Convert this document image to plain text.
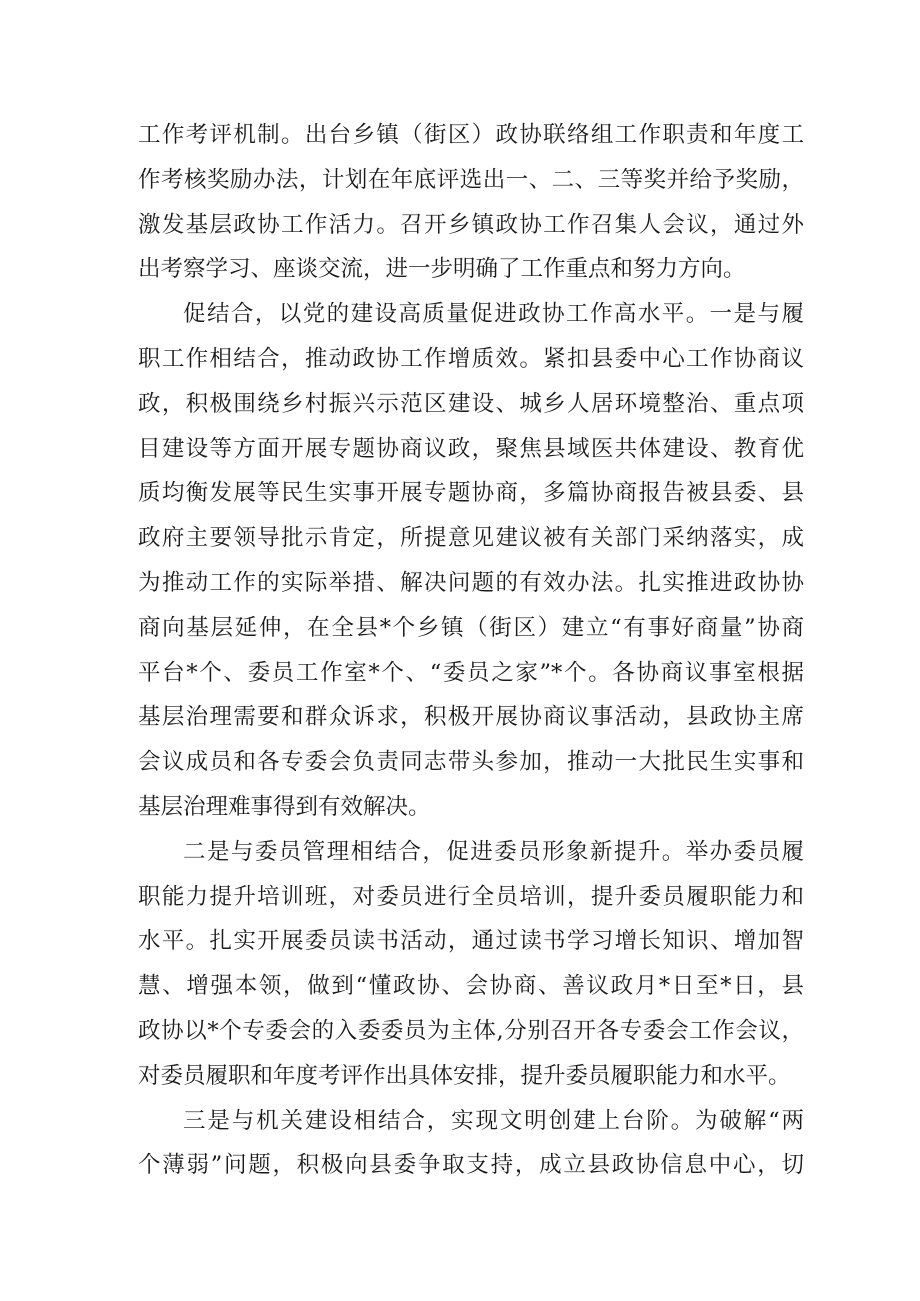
工作考评机制。出台乡镇（街区）政协联络组工作职责和年度工
作考核奖励办法，计划在年底评选出一、二、三等奖并给予奖励，
激发基层政协工作活力。召开乡镇政协工作召集人会议，通过外
出考察学习、座谈交流，进一步明确了工作重点和努力方向。
促结合，以党的建设高质量促进政协工作高水平。一是与履
职工作相结合，推动政协工作增质效。紧扣县委中心工作协商议
政，积极围绕乡村振兴示范区建设、城乡人居环境整治、重点项
目建设等方面开展专题协商议政，聚焦县域医共体建设、教育优
质均衡发展等民生实事开展专题协商，多篇协商报告被县委、县
政府主要领导批示肯定，所提意见建议被有关部门采纳落实，成
为推动工作的实际举措、解决问题的有效办法。扎实推进政协协
商向基层延伸，在全县*个乡镇（街区）建立“有事好商量”协商
平台*个、委员工作室*个、“委员之家”*个。各协商议事室根据
基层治理需要和群众诉求，积极开展协商议事活动，县政协主席
会议成员和各专委会负责同志带头参加，推动一大批民生实事和
基层治理难事得到有效解决。
二是与委员管理相结合，促进委员形象新提升。举办委员履
职能力提升培训班，对委员进行全员培训，提升委员履职能力和
水平。扎实开展委员读书活动，通过读书学习增长知识、增加智
慧、增强本领，做到“懂政协、会协商、善议政月*日至*日，县
政协以*个专委会的入委委员为主体,分别召开各专委会工作会议，
对委员履职和年度考评作出具体安排，提升委员履职能力和水平。
三是与机关建设相结合，实现文明创建上台阶。为破解“两
个薄弱”问题，积极向县委争取支持，成立县政协信息中心，切
